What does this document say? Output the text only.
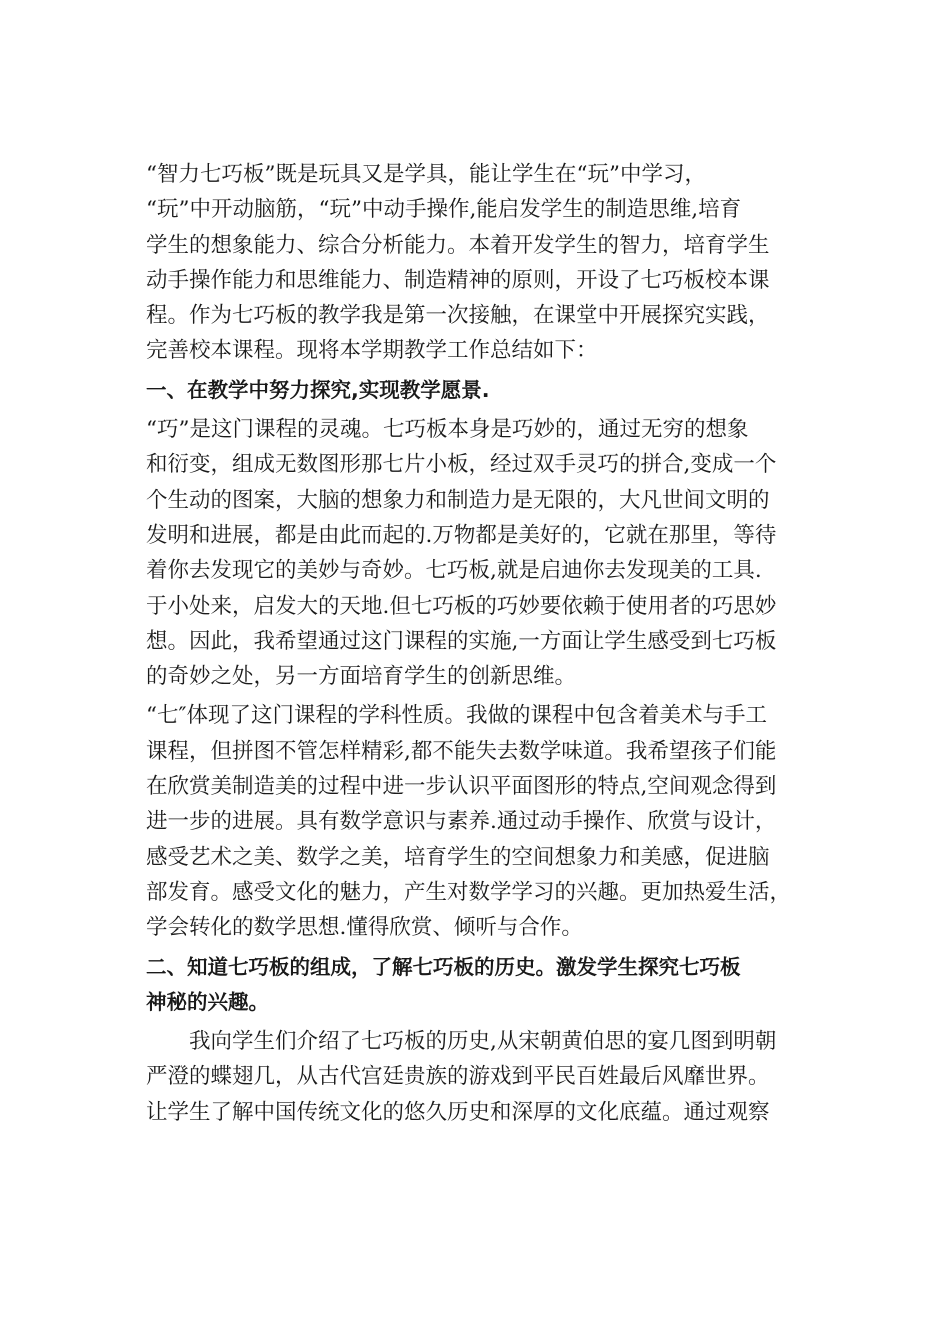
“智力七巧板”既是玩具又是学具，能让学生在“玩”中学习，
“玩”中开动脑筋，“玩”中动手操作,能启发学生的制造思维,培育
学生的想象能力、综合分析能力。本着开发学生的智力，培育学生
动手操作能力和思维能力、制造精神的原则，开设了七巧板校本课
程。作为七巧板的教学我是第一次接触，在课堂中开展探究实践，
完善校本课程。现将本学期教学工作总结如下：

一、在教学中努力探究,实现教学愿景.

“巧”是这门课程的灵魂。七巧板本身是巧妙的，通过无穷的想象
和衍变，组成无数图形那七片小板，经过双手灵巧的拼合,变成一个
个生动的图案，大脑的想象力和制造力是无限的，大凡世间文明的
发明和进展，都是由此而起的.万物都是美好的，它就在那里，等待
着你去发现它的美妙与奇妙。七巧板,就是启迪你去发现美的工具.
于小处来，启发大的天地.但七巧板的巧妙要依赖于使用者的巧思妙
想。因此，我希望通过这门课程的实施,一方面让学生感受到七巧板
的奇妙之处，另一方面培育学生的创新思维。

“七″体现了这门课程的学科性质。我做的课程中包含着美术与手工
课程，但拼图不管怎样精彩,都不能失去数学味道。我希望孩子们能
在欣赏美制造美的过程中进一步认识平面图形的特点,空间观念得到
进一步的进展。具有数学意识与素养.通过动手操作、欣赏与设计，
感受艺术之美、数学之美，培育学生的空间想象力和美感，促进脑
部发育。感受文化的魅力，产生对数学学习的兴趣。更加热爱生活，
学会转化的数学思想.懂得欣赏、倾听与合作。

二、知道七巧板的组成，了解七巧板的历史。激发学生探究七巧板
神秘的兴趣。

我向学生们介绍了七巧板的历史,从宋朝黄伯思的宴几图到明朝
严澄的蝶翅几，从古代宫廷贵族的游戏到平民百姓最后风靡世界。
让学生了解中国传统文化的悠久历史和深厚的文化底蕴。通过观察
